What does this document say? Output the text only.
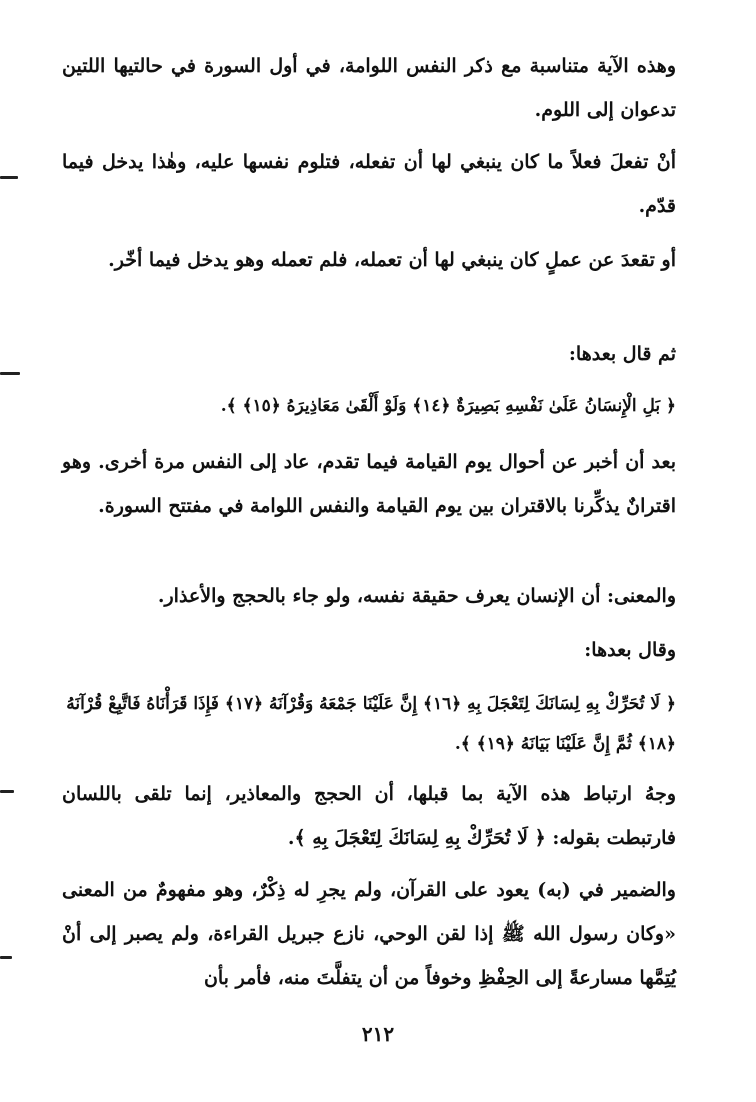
وهذه الآية متناسبة مع ذكر النفس اللوامة، في أول السورة في حالتيها اللتين تدعوان إلى اللوم.

أنْ تفعلَ فعلاً ما كان ينبغي لها أن تفعله، فتلوم نفسها عليه، وهٰذا يدخل فيما قدّم.

أو تقعدَ عن عملٍ كان ينبغي لها أن تعمله، فلم تعمله وهو يدخل فيما أخّر.

ثم قال بعدها:

﴿ بَلِ الْإِنسَانُ عَلَىٰ نَفْسِهِ بَصِيرَةٌ ﴿١٤﴾ وَلَوْ أَلْقَىٰ مَعَاذِيرَهُ ﴿١٥﴾ ﴾.

بعد أن أخبر عن أحوال يوم القيامة فيما تقدم، عاد إلى النفس مرة أخرى. وهو اقترانٌ يذكِّرنا بالاقتران بين يوم القيامة والنفس اللوامة في مفتتح السورة.

والمعنى: أن الإنسان يعرف حقيقة نفسه، ولو جاء بالحجج والأعذار.

وقال بعدها:

﴿ لَا تُحَرِّكْ بِهِ لِسَانَكَ لِتَعْجَلَ بِهِ ﴿١٦﴾ إِنَّ عَلَيْنَا جَمْعَهُ وَقُرْآنَهُ ﴿١٧﴾ فَإِذَا قَرَأْنَاهُ فَاتَّبِعْ قُرْآنَهُ ﴿١٨﴾ ثُمَّ إِنَّ عَلَيْنَا بَيَانَهُ ﴿١٩﴾ ﴾.

وجهُ ارتباط هذه الآية بما قبلها، أن الحجج والمعاذير، إنما تلقى باللسان فارتبطت بقوله: ﴿ لَا تُحَرِّكْ بِهِ لِسَانَكَ لِتَعْجَلَ بِهِ ﴾.

والضمير في (به) يعود على القرآن، ولم يجرِ له ذِكْرٌ، وهو مفهومٌ من المعنى «وكان رسول الله ﷺ إذا لقن الوحي، نازع جبريل القراءة، ولم يصبر إلى أنْ يُتِمَّها مسارعةً إلى الحِفْظِ وخوفاً من أن يتفلَّتَ منه، فأمر بأن

٢١٢
